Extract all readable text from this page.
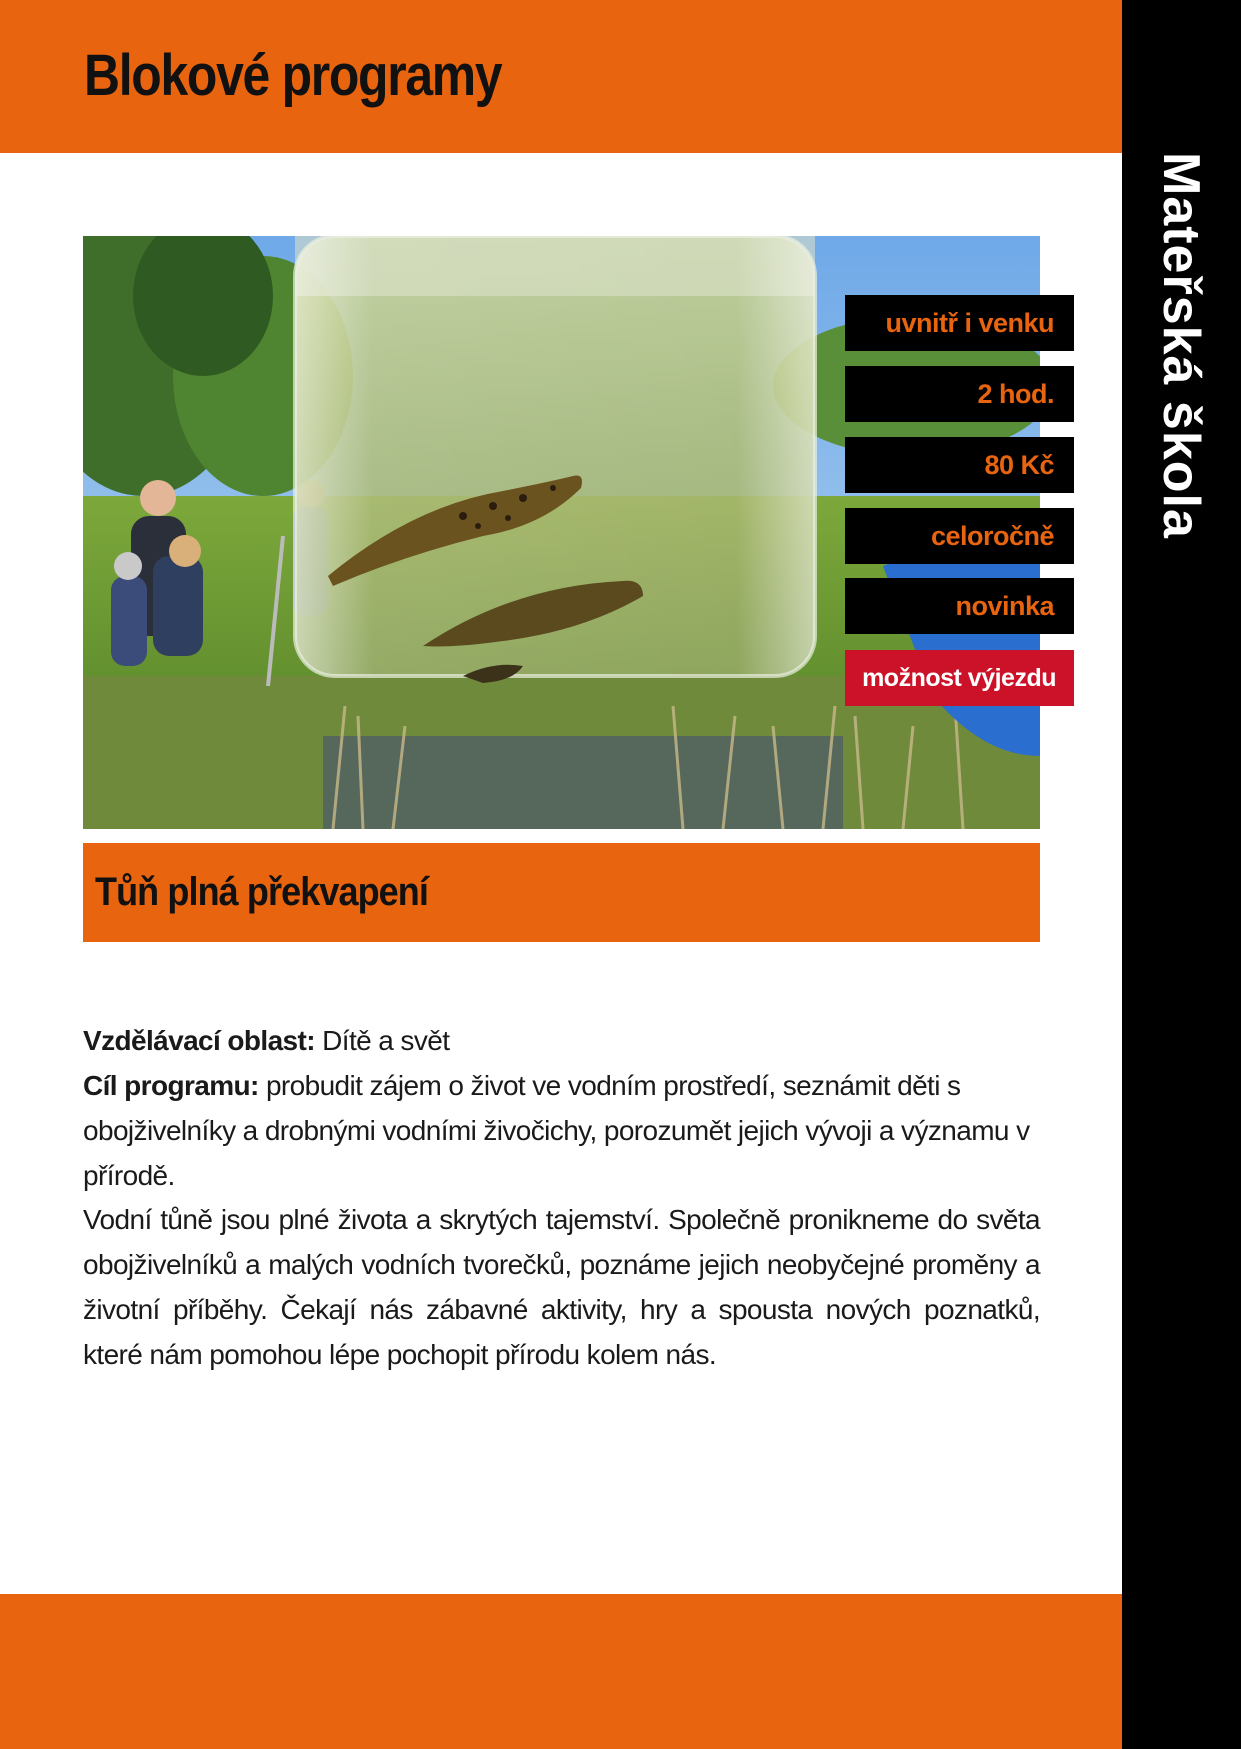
Blokové programy
Mateřská škola
uvnitř i venku
2 hod.
80 Kč
celoročně
novinka
možnost výjezdu
Tůň plná překvapení
Vzdělávací oblast: Dítě a svět
Cíl programu: probudit zájem o život ve vodním prostředí, seznámit děti s obojživelníky a drobnými vodními živočichy, porozumět jejich vývoji a významu v přírodě.
Vodní tůně jsou plné života a skrytých tajemství. Společně pronikneme do světa obojživelníků a malých vodních tvorečků, poznáme jejich neobyčejné proměny a životní příběhy. Čekají nás zábavné aktivity, hry a spousta nových poznatků, které nám pomohou lépe pochopit přírodu kolem nás.
